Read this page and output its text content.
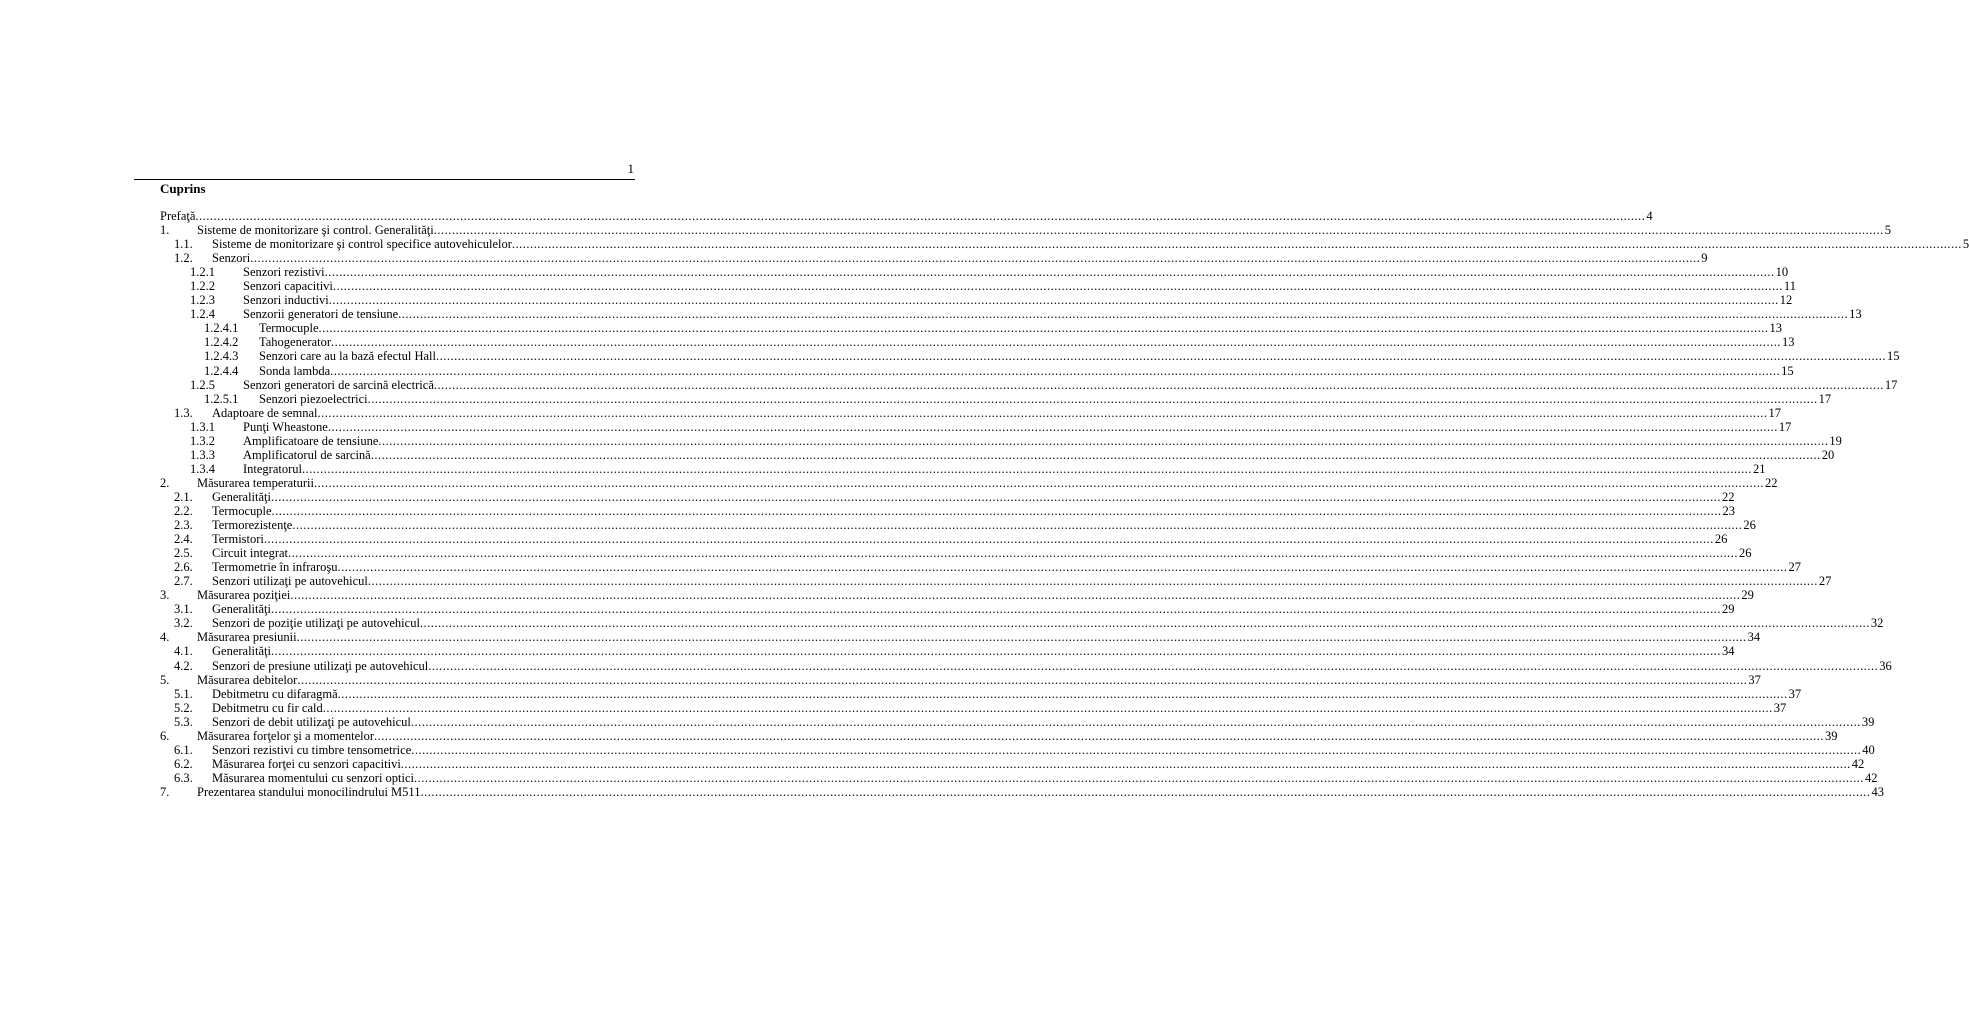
1
Cuprins
Prefaţă ................................................................................................................................................................................................................................................................................................................................................................................................................ 4
1. Sisteme de monitorizare şi control. Generalităţi ................................................................................................................................................................................................................................................................................................................................................................................................................ 5
1.1. Sisteme de monitorizare şi control specifice autovehiculelor ................................................................................................................................................................................................................................................................................................................................................................................................................ 5
1.2. Senzori ................................................................................................................................................................................................................................................................................................................................................................................................................ 9
1.2.1 Senzori rezistivi ................................................................................................................................................................................................................................................................................................................................................................................................................ 10
1.2.2 Senzori capacitivi ................................................................................................................................................................................................................................................................................................................................................................................................................ 11
1.2.3 Senzori inductivi ................................................................................................................................................................................................................................................................................................................................................................................................................ 12
1.2.4 Senzorii generatori de tensiune ................................................................................................................................................................................................................................................................................................................................................................................................................ 13
1.2.4.1 Termocuple ................................................................................................................................................................................................................................................................................................................................................................................................................ 13
1.2.4.2 Tahogenerator ................................................................................................................................................................................................................................................................................................................................................................................................................ 13
1.2.4.3 Senzori care au la bază efectul Hall ................................................................................................................................................................................................................................................................................................................................................................................................................ 15
1.2.4.4 Sonda lambda ................................................................................................................................................................................................................................................................................................................................................................................................................ 15
1.2.5 Senzori generatori de sarcină electrică ................................................................................................................................................................................................................................................................................................................................................................................................................ 17
1.2.5.1 Senzori piezoelectrici ................................................................................................................................................................................................................................................................................................................................................................................................................ 17
1.3. Adaptoare de semnal ................................................................................................................................................................................................................................................................................................................................................................................................................ 17
1.3.1 Punţi Wheastone ................................................................................................................................................................................................................................................................................................................................................................................................................ 17
1.3.2 Amplificatoare de tensiune ................................................................................................................................................................................................................................................................................................................................................................................................................ 19
1.3.3 Amplificatorul de sarcină ................................................................................................................................................................................................................................................................................................................................................................................................................ 20
1.3.4 Integratorul ................................................................................................................................................................................................................................................................................................................................................................................................................ 21
2. Măsurarea temperaturii ................................................................................................................................................................................................................................................................................................................................................................................................................ 22
2.1. Generalităţi ................................................................................................................................................................................................................................................................................................................................................................................................................ 22
2.2. Termocuple ................................................................................................................................................................................................................................................................................................................................................................................................................ 23
2.3. Termorezistenţe ................................................................................................................................................................................................................................................................................................................................................................................................................ 26
2.4. Termistori ................................................................................................................................................................................................................................................................................................................................................................................................................ 26
2.5. Circuit integrat ................................................................................................................................................................................................................................................................................................................................................................................................................ 26
2.6. Termometrie în infraroşu ................................................................................................................................................................................................................................................................................................................................................................................................................ 27
2.7. Senzori utilizaţi pe autovehicul ................................................................................................................................................................................................................................................................................................................................................................................................................ 27
3. Măsurarea poziţiei ................................................................................................................................................................................................................................................................................................................................................................................................................ 29
3.1. Generalităţi ................................................................................................................................................................................................................................................................................................................................................................................................................ 29
3.2. Senzori de poziţie utilizaţi pe autovehicul ................................................................................................................................................................................................................................................................................................................................................................................................................ 32
4. Măsurarea presiunii ................................................................................................................................................................................................................................................................................................................................................................................................................ 34
4.1. Generalităţi ................................................................................................................................................................................................................................................................................................................................................................................................................ 34
4.2. Senzori de presiune utilizaţi pe autovehicul ................................................................................................................................................................................................................................................................................................................................................................................................................ 36
5. Măsurarea debitelor ................................................................................................................................................................................................................................................................................................................................................................................................................ 37
5.1. Debitmetru cu difaragmă ................................................................................................................................................................................................................................................................................................................................................................................................................ 37
5.2. Debitmetru cu fir cald ................................................................................................................................................................................................................................................................................................................................................................................................................ 37
5.3. Senzori de debit utilizaţi pe autovehicul ................................................................................................................................................................................................................................................................................................................................................................................................................ 39
6. Măsurarea forţelor şi a momentelor ................................................................................................................................................................................................................................................................................................................................................................................................................ 39
6.1. Senzori rezistivi cu timbre tensometrice ................................................................................................................................................................................................................................................................................................................................................................................................................ 40
6.2. Măsurarea forţei cu senzori capacitivi ................................................................................................................................................................................................................................................................................................................................................................................................................ 42
6.3. Măsurarea momentului cu senzori optici ................................................................................................................................................................................................................................................................................................................................................................................................................ 42
7. Prezentarea standului monocilindrului M511 ................................................................................................................................................................................................................................................................................................................................................................................................................ 43
